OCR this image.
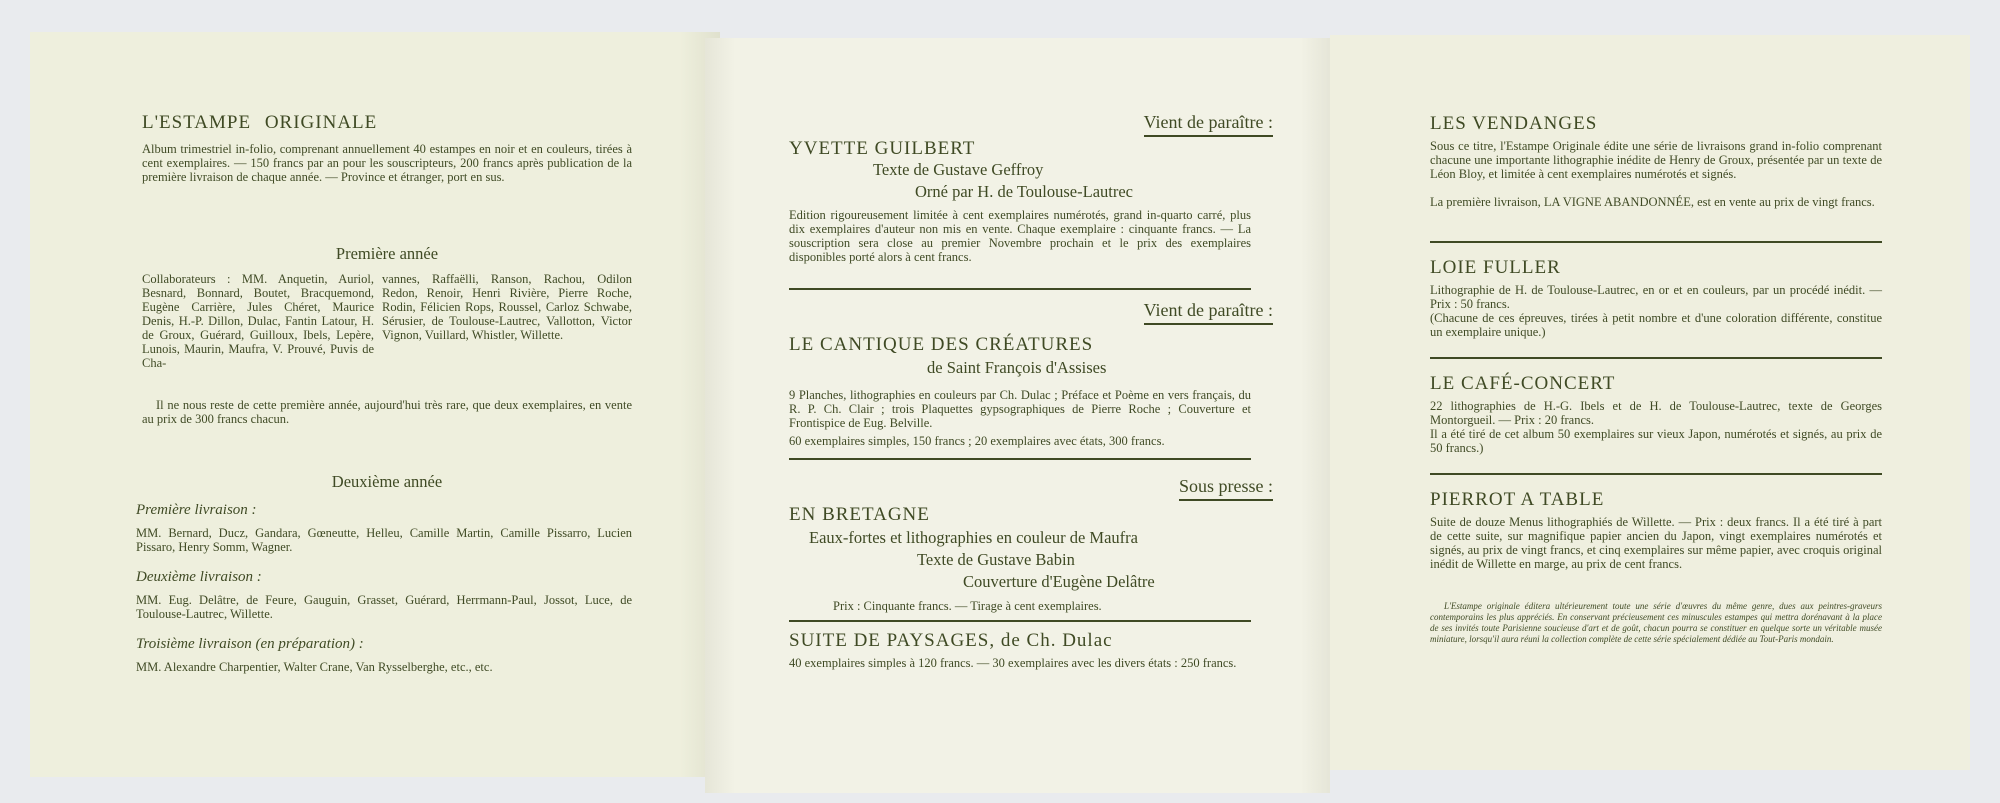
L'ESTAMPE ORIGINALE
Album trimestriel in-folio, comprenant annuellement 40 estampes en noir et en couleurs, tirées à cent exemplaires. — 150 francs par an pour les souscripteurs, 200 francs après publication de la première livraison de chaque année. — Province et étranger, port en sus.
Première année
Collaborateurs : MM. Anquetin, Auriol, Besnard, Bonnard, Boutet, Bracquemond, Eugène Carrière, Jules Chéret, Maurice Denis, H.-P. Dillon, Dulac, Fantin Latour, H. de Groux, Guérard, Guilloux, Ibels, Lepère, Lunois, Maurin, Maufra, V. Prouvé, Puvis de Cha-
vannes, Raffaëlli, Ranson, Rachou, Odilon Redon, Renoir, Henri Rivière, Pierre Roche, Rodin, Félicien Rops, Roussel, Carloz Schwabe, Sérusier, de Toulouse-Lautrec, Vallotton, Victor Vignon, Vuillard, Whistler, Willette.
Il ne nous reste de cette première année, aujourd'hui très rare, que deux exemplaires, en vente au prix de 300 francs chacun.
Deuxième année
Première livraison :
MM. Bernard, Ducz, Gandara, Gœneutte, Helleu, Camille Martin, Camille Pissarro, Lucien Pissaro, Henry Somm, Wagner.
Deuxième livraison :
MM. Eug. Delâtre, de Feure, Gauguin, Grasset, Guérard, Herrmann-Paul, Jossot, Luce, de Toulouse-Lautrec, Willette.
Troisième livraison (en préparation) :
MM. Alexandre Charpentier, Walter Crane, Van Rysselberghe, etc., etc.
Vient de paraître :
YVETTE GUILBERT
Texte de Gustave Geffroy
Orné par H. de Toulouse-Lautrec
Edition rigoureusement limitée à cent exemplaires numérotés, grand in-quarto carré, plus dix exemplaires d'auteur non mis en vente. Chaque exemplaire : cinquante francs. — La souscription sera close au premier Novembre prochain et le prix des exemplaires disponibles porté alors à cent francs.
Vient de paraître :
LE CANTIQUE DES CRÉATURES
de Saint François d'Assises
9 Planches, lithographies en couleurs par Ch. Dulac ; Préface et Poème en vers français, du R. P. Ch. Clair ; trois Plaquettes gypsographiques de Pierre Roche ; Couverture et Frontispice de Eug. Belville.
60 exemplaires simples, 150 francs ; 20 exemplaires avec états, 300 francs.
Sous presse :
EN BRETAGNE
Eaux-fortes et lithographies en couleur de Maufra
Texte de Gustave Babin
Couverture d'Eugène Delâtre
Prix : Cinquante francs. — Tirage à cent exemplaires.
SUITE DE PAYSAGES, de Ch. Dulac
40 exemplaires simples à 120 francs. — 30 exemplaires avec les divers états : 250 francs.
LES VENDANGES
Sous ce titre, l'Estampe Originale édite une série de livraisons grand in-folio comprenant chacune une importante lithographie inédite de Henry de Groux, présentée par un texte de Léon Bloy, et limitée à cent exemplaires numérotés et signés.
La première livraison, LA VIGNE ABANDONNÉE, est en vente au prix de vingt francs.
LOIE FULLER
Lithographie de H. de Toulouse-Lautrec, en or et en couleurs, par un procédé inédit. — Prix : 50 francs.
(Chacune de ces épreuves, tirées à petit nombre et d'une coloration différente, constitue un exemplaire unique.)
LE CAFÉ-CONCERT
22 lithographies de H.-G. Ibels et de H. de Toulouse-Lautrec, texte de Georges Montorgueil. — Prix : 20 francs.
Il a été tiré de cet album 50 exemplaires sur vieux Japon, numérotés et signés, au prix de 50 francs.)
PIERROT A TABLE
Suite de douze Menus lithographiés de Willette. — Prix : deux francs. Il a été tiré à part de cette suite, sur magnifique papier ancien du Japon, vingt exemplaires numérotés et signés, au prix de vingt francs, et cinq exemplaires sur même papier, avec croquis original inédit de Willette en marge, au prix de cent francs.
L'Estampe originale éditera ultérieurement toute une série d'œuvres du même genre, dues aux peintres-graveurs contemporains les plus appréciés. En conservant précieusement ces minuscules estampes qui mettra dorénavant à la place de ses invités toute Parisienne soucieuse d'art et de goût, chacun pourra se constituer en quelque sorte un véritable musée miniature, lorsqu'il aura réuni la collection complète de cette série spécialement dédiée au Tout-Paris mondain.
